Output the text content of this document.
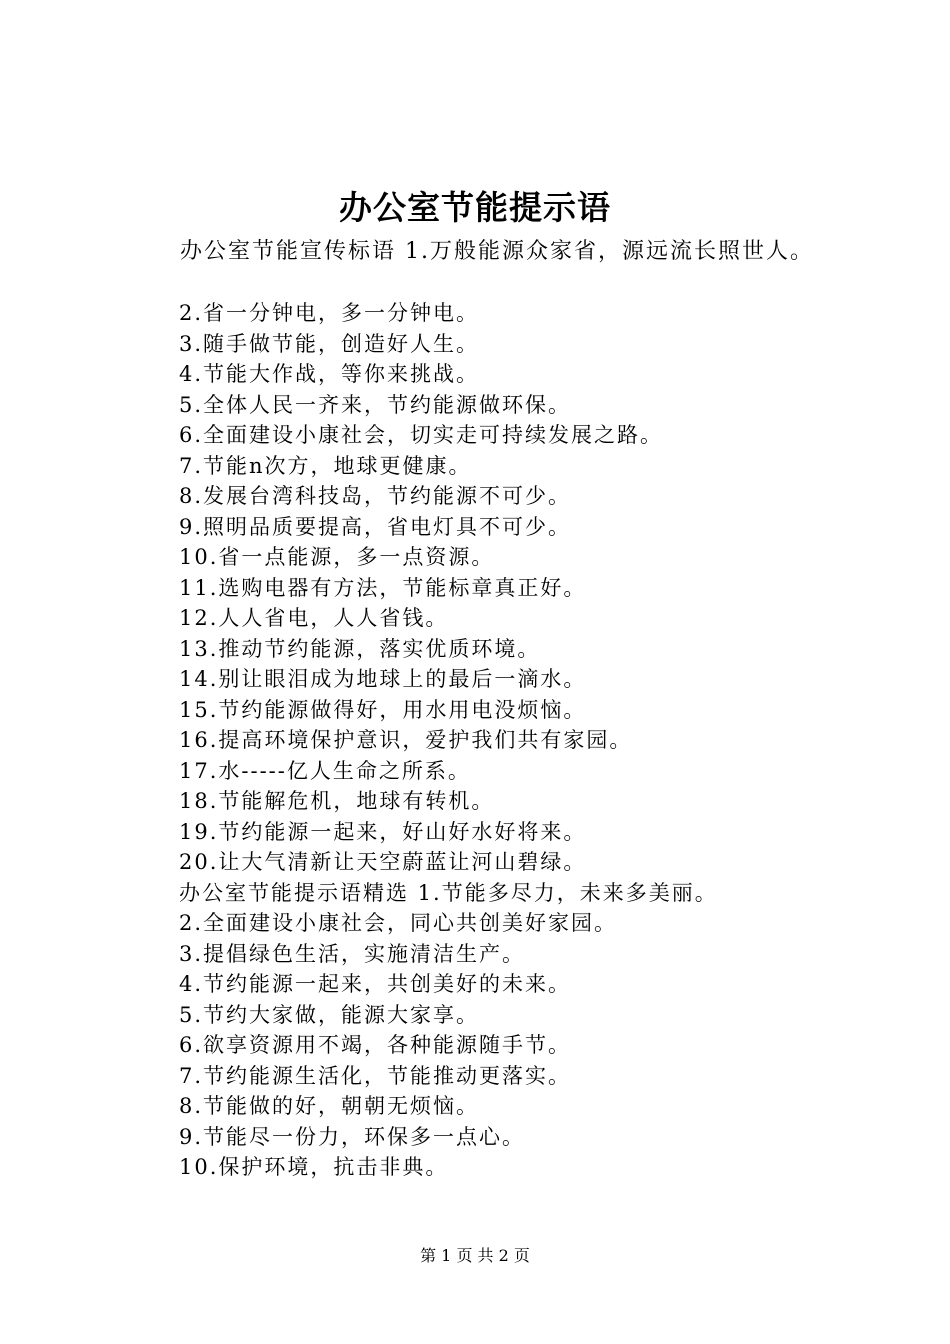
办公室节能提示语
办公室节能宣传标语 1.万般能源众家省，源远流长照世人。
2.省一分钟电，多一分钟电。
3.随手做节能，创造好人生。
4.节能大作战，等你来挑战。
5.全体人民一齐来，节约能源做环保。
6.全面建设小康社会，切实走可持续发展之路。
7.节能n次方，地球更健康。
8.发展台湾科技岛，节约能源不可少。
9.照明品质要提高，省电灯具不可少。
10.省一点能源，多一点资源。
11.选购电器有方法，节能标章真正好。
12.人人省电，人人省钱。
13.推动节约能源，落实优质环境。
14.别让眼泪成为地球上的最后一滴水。
15.节约能源做得好，用水用电没烦恼。
16.提高环境保护意识，爱护我们共有家园。
17.水-----亿人生命之所系。
18.节能解危机，地球有转机。
19.节约能源一起来，好山好水好将来。
20.让大气清新让天空蔚蓝让河山碧绿。
办公室节能提示语精选 1.节能多尽力，未来多美丽。
2.全面建设小康社会，同心共创美好家园。
3.提倡绿色生活，实施清洁生产。
4.节约能源一起来，共创美好的未来。
5.节约大家做，能源大家享。
6.欲享资源用不竭，各种能源随手节。
7.节约能源生活化，节能推动更落实。
8.节能做的好，朝朝无烦恼。
9.节能尽一份力，环保多一点心。
10.保护环境，抗击非典。
第 1 页 共 2 页
